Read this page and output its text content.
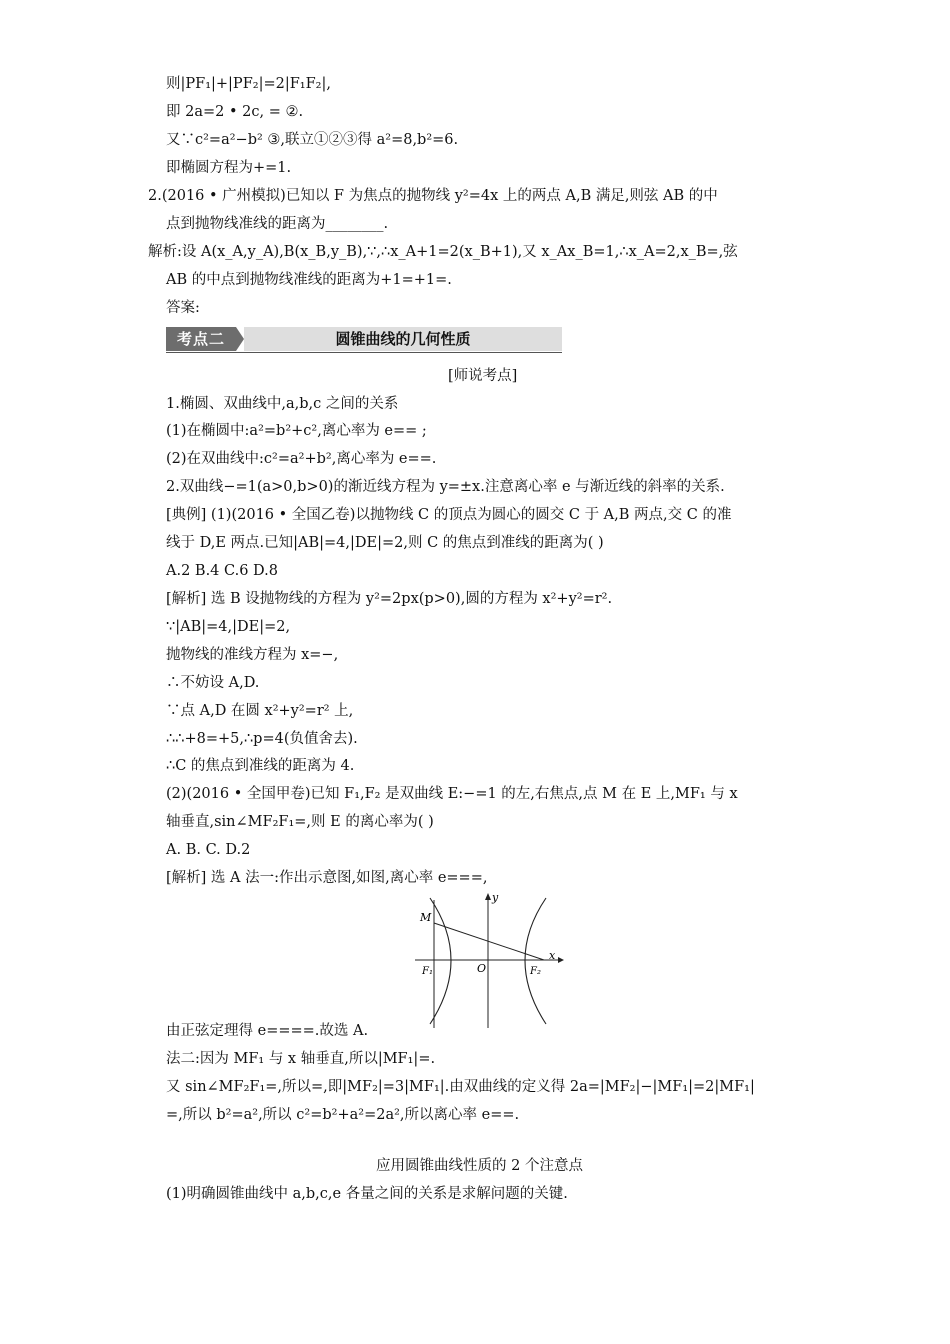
则|PF₁|+|PF₂|=2|F₁F₂|,
即 2a=2 • 2c, = ②.
又∵c²=a²−b² ③,联立①②③得 a²=8,b²=6.
即椭圆方程为+=1.
2.(2016 • 广州模拟)已知以 F 为焦点的抛物线 y²=4x 上的两点 A,B 满足,则弦 AB 的中
点到抛物线准线的距离为________.
解析:设 A(x_A,y_A),B(x_B,y_B),∵,∴x_A+1=2(x_B+1),又 x_Ax_B=1,∴x_A=2,x_B=,弦
AB 的中点到抛物线准线的距离为+1=+1=.
答案:
考点二	圆锥曲线的几何性质
[师说考点]
1.椭圆、双曲线中,a,b,c 之间的关系
(1)在椭圆中:a²=b²+c²,离心率为 e== ;
(2)在双曲线中:c²=a²+b²,离心率为 e==.
2.双曲线−=1(a>0,b>0)的渐近线方程为 y=±x.注意离心率 e 与渐近线的斜率的关系.
[典例] (1)(2016 • 全国乙卷)以抛物线 C 的顶点为圆心的圆交 C 于 A,B 两点,交 C 的准
线于 D,E 两点.已知|AB|=4,|DE|=2,则 C 的焦点到准线的距离为( )
A.2 B.4 C.6 D.8
[解析] 选 B 设抛物线的方程为 y²=2px(p>0),圆的方程为 x²+y²=r².
∵|AB|=4,|DE|=2,
抛物线的准线方程为 x=−,
∴不妨设 A,D.
∵点 A,D 在圆 x²+y²=r² 上,
∴∴+8=+5,∴p=4(负值舍去).
∴C 的焦点到准线的距离为 4.
(2)(2016 • 全国甲卷)已知 F₁,F₂ 是双曲线 E:−=1 的左,右焦点,点 M 在 E 上,MF₁ 与 x
轴垂直,sin∠MF₂F₁=,则 E 的离心率为( )
A. B. C. D.2
[解析] 选 A 法一:作出示意图,如图,离心率 e===,
y
x
M
O
F₁	F₂
由正弦定理得 e====.故选 A.
法二:因为 MF₁ 与 x 轴垂直,所以|MF₁|=.
又 sin∠MF₂F₁=,所以=,即|MF₂|=3|MF₁|.由双曲线的定义得 2a=|MF₂|−|MF₁|=2|MF₁|
=,所以 b²=a²,所以 c²=b²+a²=2a²,所以离心率 e==.
应用圆锥曲线性质的 2 个注意点
(1)明确圆锥曲线中 a,b,c,e 各量之间的关系是求解问题的关键.
